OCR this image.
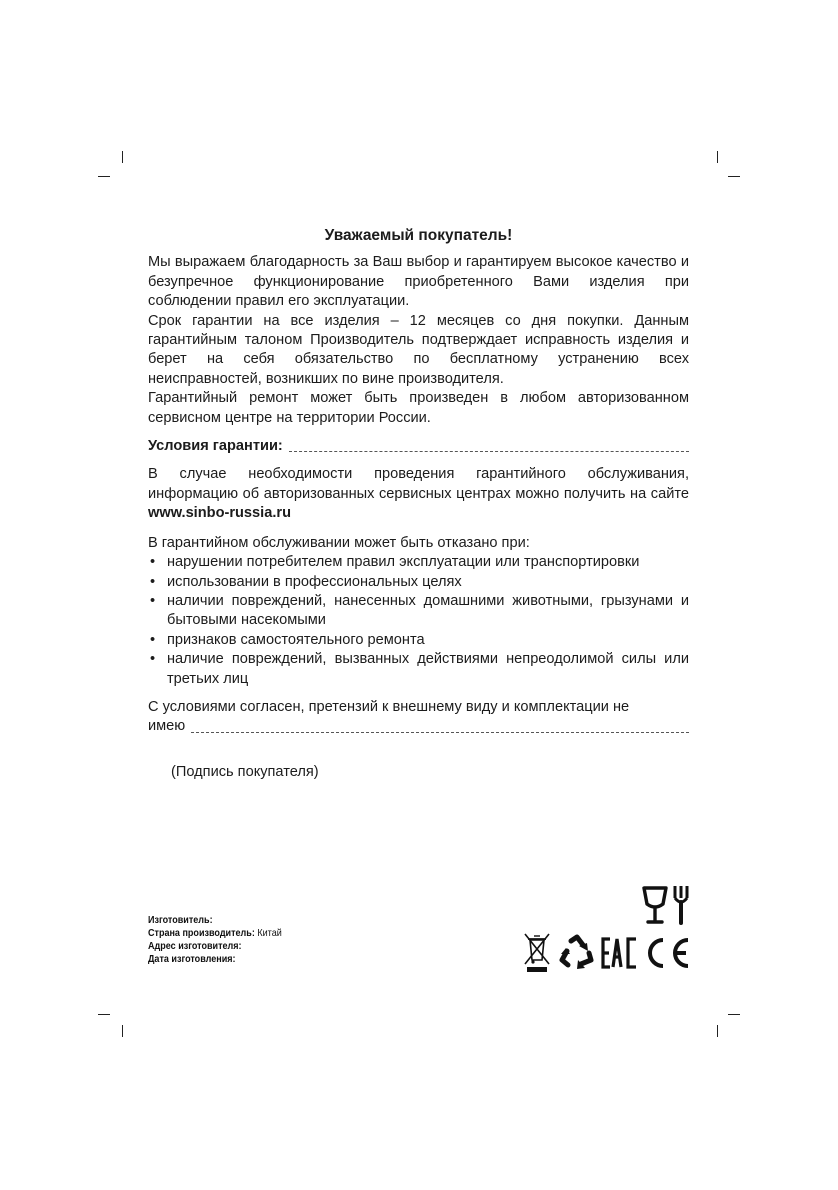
Уважаемый покупатель!

Мы выражаем благодарность за Ваш выбор и гарантируем высокое качество и безупречное функционирование приобретенного Вами изделия при соблюдении правил его эксплуатации.

Срок гарантии на все изделия – 12 месяцев со дня покупки. Данным гарантийным талоном Производитель подтверждает исправность изделия и берет на себя обязательство по бесплатному устранению всех неисправностей, возникших по вине производителя.

Гарантийный ремонт может быть произведен в любом авторизованном сервисном центре на территории России.

Условия гарантии:

В случае необходимости проведения гарантийного обслуживания, информацию об авторизованных сервисных центрах можно получить на сайте www.sinbo-russia.ru

В гарантийном обслуживании может быть отказано при:

• нарушении потребителем правил эксплуатации или транспортировки
• использовании в профессиональных целях
• наличии повреждений, нанесенных домашними животными, грызунами и бытовыми насекомыми
• признаков самостоятельного ремонта
• наличие повреждений, вызванных действиями непреодолимой силы или третьих лиц

С условиями согласен, претензий к внешнему виду и комплектации не

имею

(Подпись покупателя)

Изготовитель:
Страна производитель: Китай
Адрес изготовителя:
Дата изготовления:
EAC	CE
